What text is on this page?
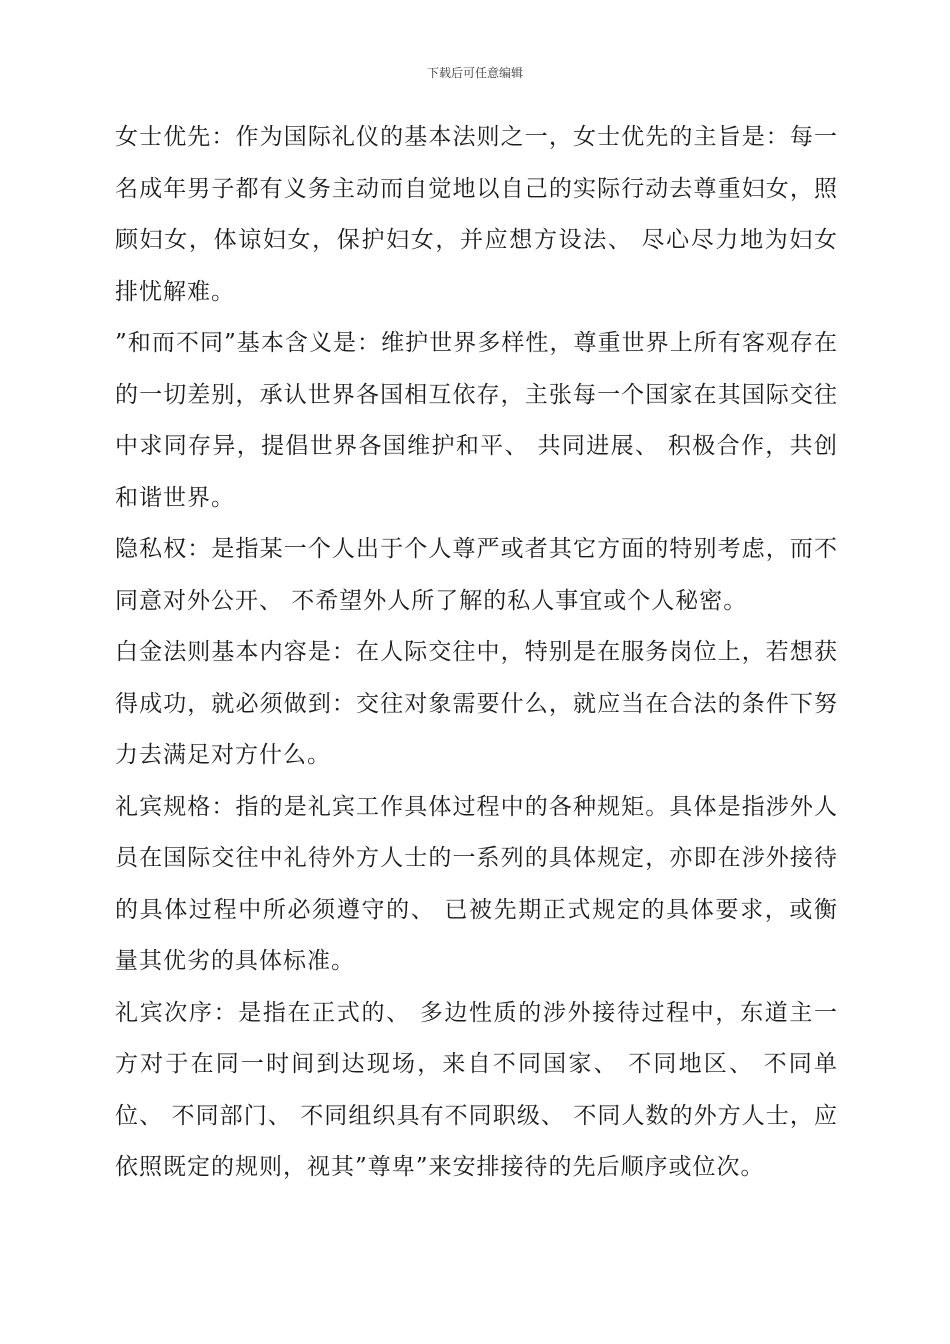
下载后可任意编辑

女士优先：作为国际礼仪的基本法则之一，女士优先的主旨是：每一名成年男子都有义务主动而自觉地以自己的实际行动去尊重妇女，照顾妇女，体谅妇女，保护妇女，并应想方设法、 尽心尽力地为妇女排忧解难。

”和而不同”基本含义是：维护世界多样性，尊重世界上所有客观存在的一切差别，承认世界各国相互依存，主张每一个国家在其国际交往中求同存异，提倡世界各国维护和平、 共同进展、 积极合作，共创和谐世界。

隐私权：是指某一个人出于个人尊严或者其它方面的特别考虑，而不同意对外公开、 不希望外人所了解的私人事宜或个人秘密。

白金法则基本内容是：在人际交往中，特别是在服务岗位上，若想获得成功，就必须做到：交往对象需要什么，就应当在合法的条件下努力去满足对方什么。

礼宾规格：指的是礼宾工作具体过程中的各种规矩。具体是指涉外人员在国际交往中礼待外方人士的一系列的具体规定，亦即在涉外接待的具体过程中所必须遵守的、 已被先期正式规定的具体要求，或衡量其优劣的具体标准。

礼宾次序：是指在正式的、 多边性质的涉外接待过程中，东道主一方对于在同一时间到达现场，来自不同国家、 不同地区、 不同单位、 不同部门、 不同组织具有不同职级、 不同人数的外方人士，应依照既定的规则，视其”尊卑”来安排接待的先后顺序或位次。
